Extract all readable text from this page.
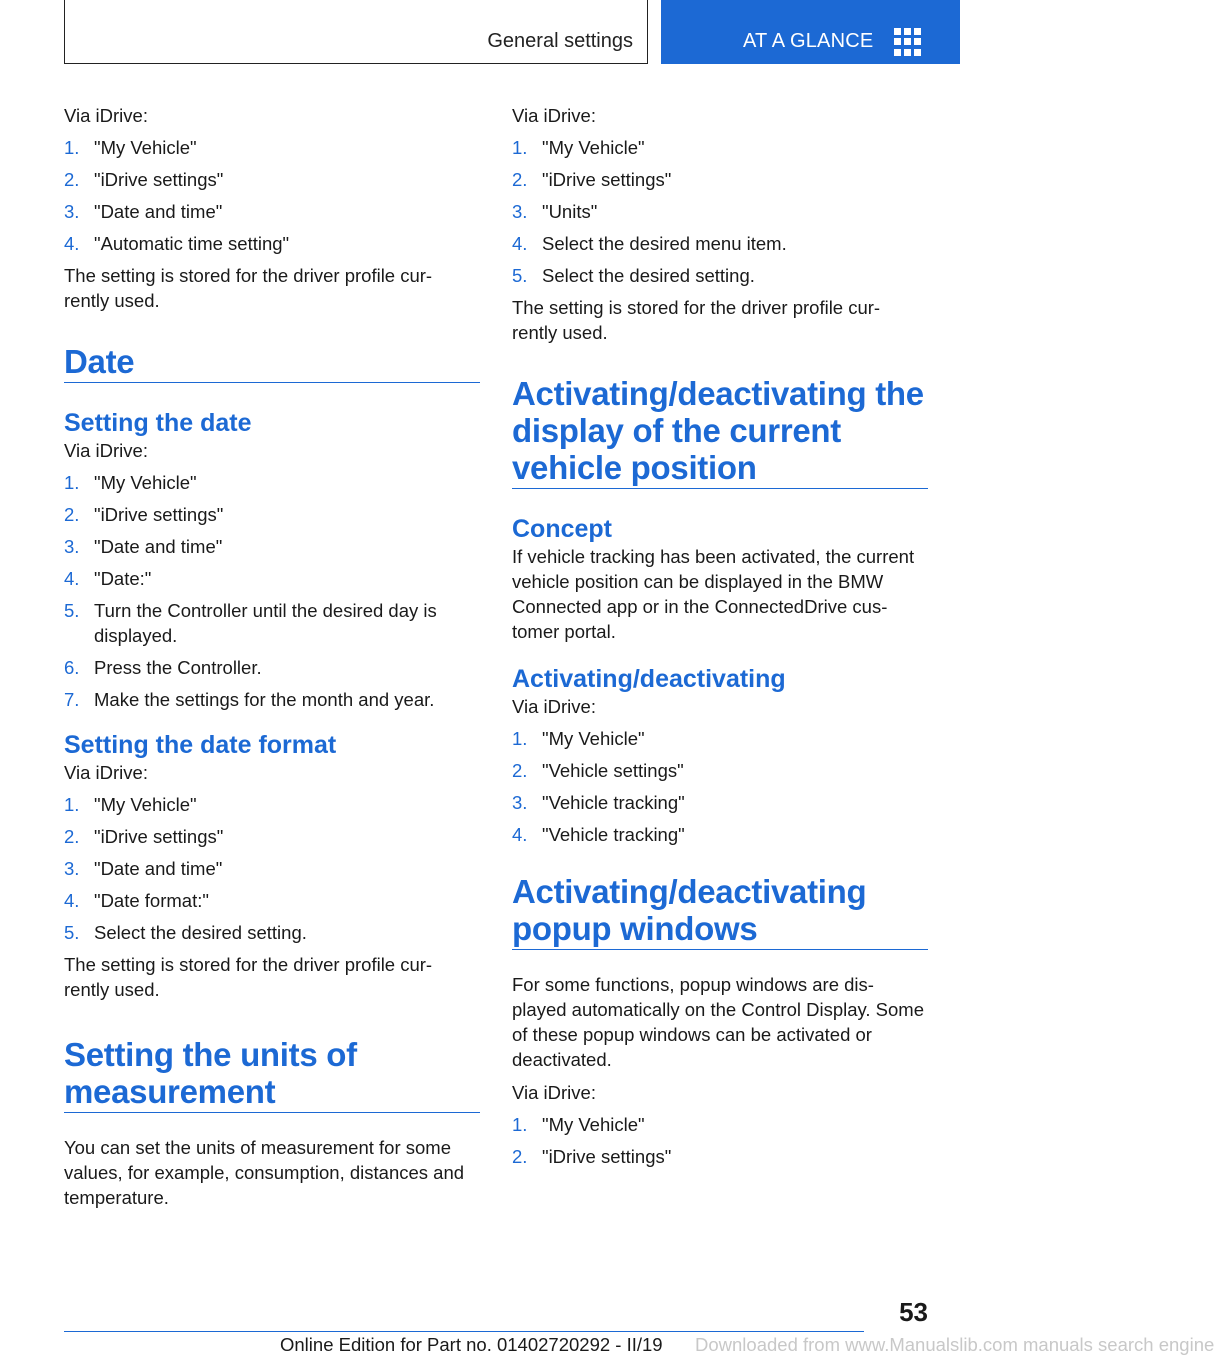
General settings	AT A GLANCE

Via iDrive:

1. "My Vehicle"
2. "iDrive settings"
3. "Date and time"
4. "Automatic time setting"

The setting is stored for the driver profile cur-
rently used.

Date
Setting the date

Via iDrive:

1. "My Vehicle"
2. "iDrive settings"
3. "Date and time"
4. "Date:"
5. Turn the Controller until the desired day is displayed.
6. Press the Controller.
7. Make the settings for the month and year.
Setting the date format

Via iDrive:

1. "My Vehicle"
2. "iDrive settings"
3. "Date and time"
4. "Date format:"
5. Select the desired setting.

The setting is stored for the driver profile cur-
rently used.

Setting the units of measurement

You can set the units of measurement for some values, for example, consumption, distances and temperature.

Via iDrive:

1. "My Vehicle"
2. "iDrive settings"
3. "Units"
4. Select the desired menu item.
5. Select the desired setting.

The setting is stored for the driver profile cur-
rently used.

Activating/deactivating the display of the current vehicle position
Concept

If vehicle tracking has been activated, the current vehicle position can be displayed in the BMW Connected app or in the ConnectedDrive cus-tomer portal.

Activating/deactivating

Via iDrive:

1. "My Vehicle"
2. "Vehicle settings"
3. "Vehicle tracking"
4. "Vehicle tracking"
Activating/deactivating popup windows

For some functions, popup windows are dis-played automatically on the Control Display. Some of these popup windows can be activated or deactivated.

Via iDrive:

1. "My Vehicle"
2. "iDrive settings"
53
Online Edition for Part no. 01402720292 - II/19 Downloaded from www.Manualslib.com manuals search engine
